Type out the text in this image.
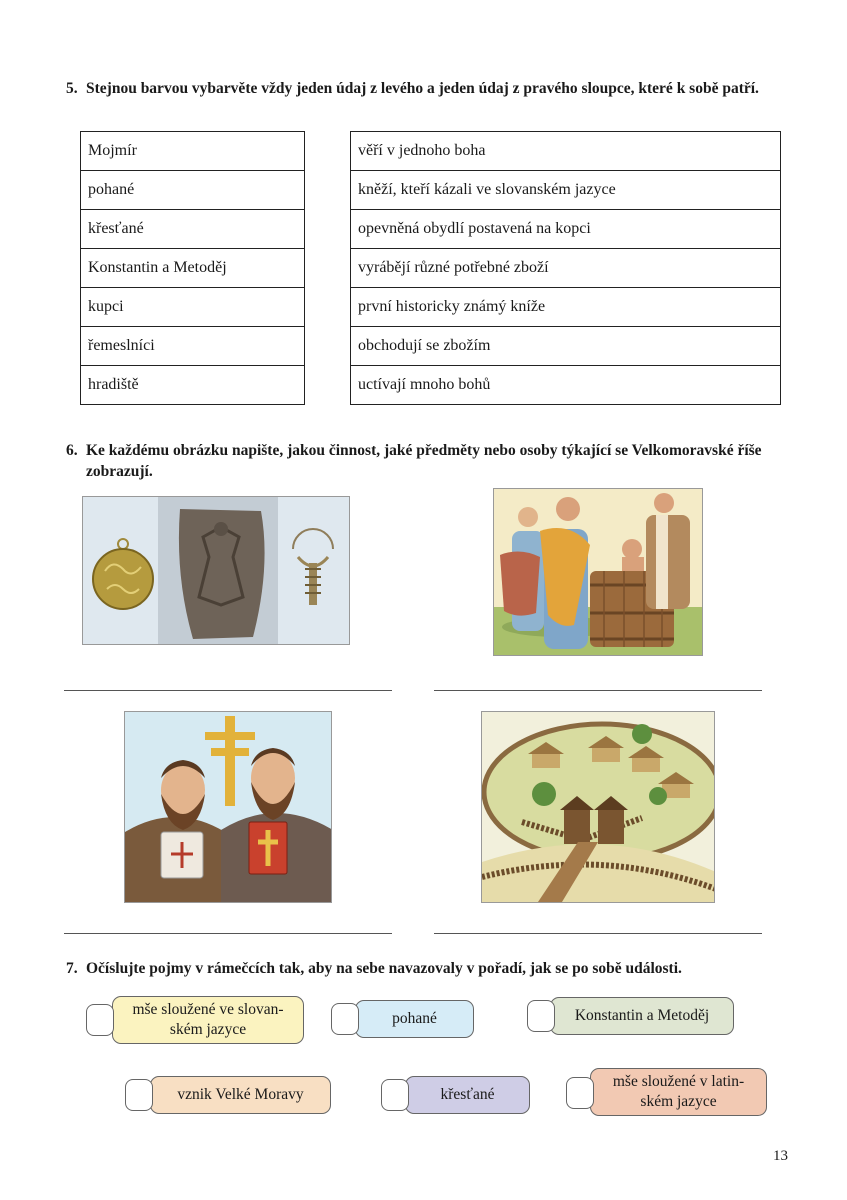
5. Stejnou barvou vybarvěte vždy jeden údaj z levého a jeden údaj z pravého sloupce, které k sobě patří.
Mojmír
pohané
křesťané
Konstantin a Metoděj
kupci
řemeslníci
hradiště
věří v jednoho boha
kněží, kteří kázali ve slovanském jazyce
opevněná obydlí postavená na kopci
vyrábějí různé potřebné zboží
první historicky známý kníže
obchodují se zbožím
uctívají mnoho bohů
6. Ke každému obrázku napište, jakou činnost, jaké předměty nebo osoby týkající se Velkomoravské říše zobrazují.
7. Očíslujte pojmy v rámečcích tak, aby na sebe navazovaly v pořadí, jak se po sobě události.
mše sloužené ve slovan-
ském jazyce
pohané	Konstantin a Metoděj
vznik Velké Moravy	křesťané
mše sloužené v latin-
ském jazyce
13
